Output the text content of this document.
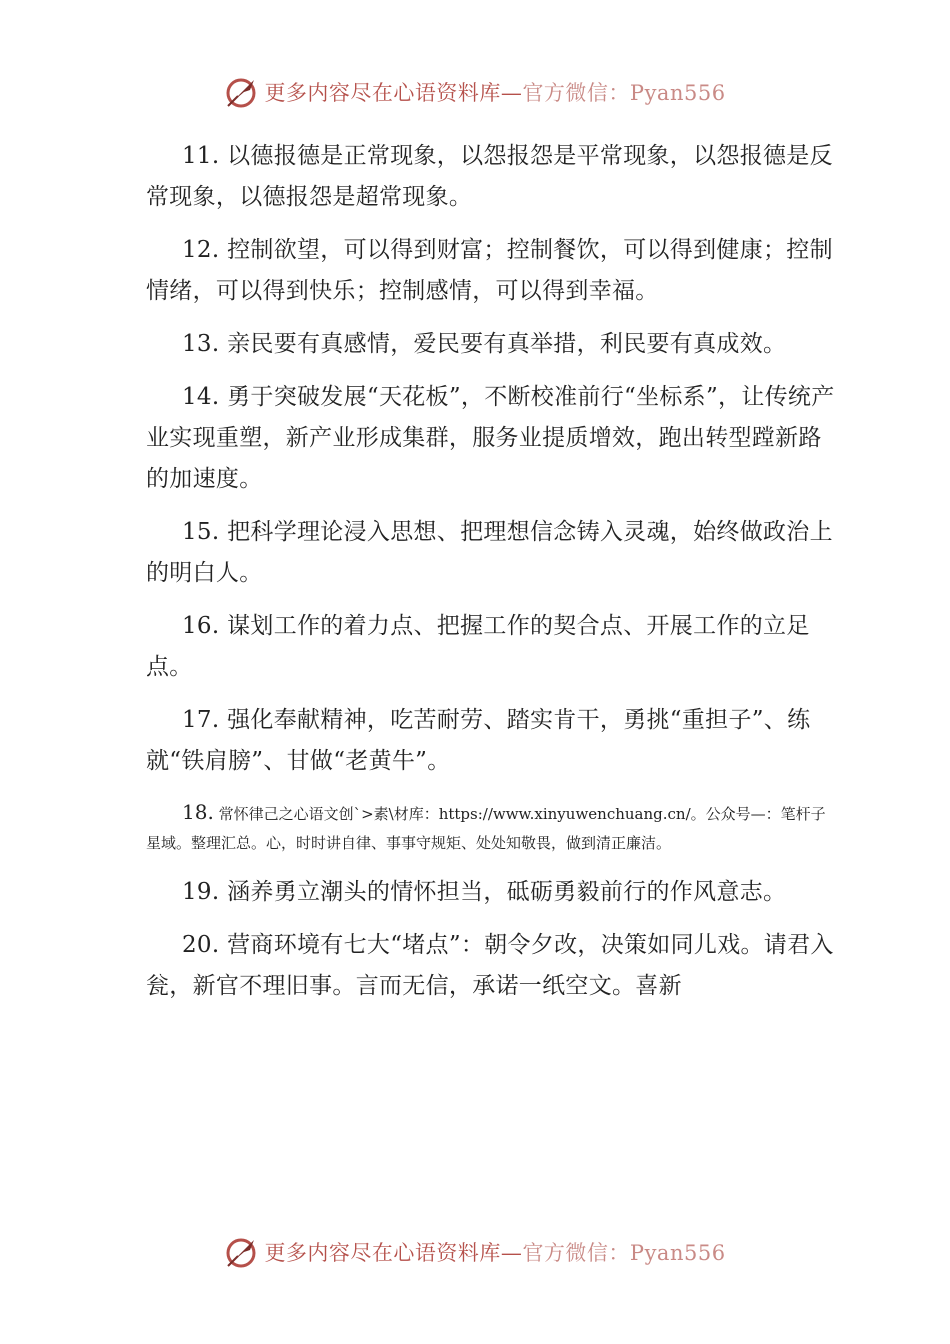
更多内容尽在心语资料库—官方微信：Pyan556

11. 以德报德是正常现象，以怨报怨是平常现象，以怨报德是反常现象，以德报怨是超常现象。

12. 控制欲望，可以得到财富；控制餐饮，可以得到健康；控制情绪，可以得到快乐；控制感情，可以得到幸福。

13. 亲民要有真感情，爱民要有真举措，利民要有真成效。

14. 勇于突破发展“天花板”，不断校准前行“坐标系”，让传统产业实现重塑，新产业形成集群，服务业提质增效，跑出转型蹚新路的加速度。

15. 把科学理论浸入思想、把理想信念铸入灵魂，始终做政治上的明白人。

16. 谋划工作的着力点、把握工作的契合点、开展工作的立足点。

17. 强化奉献精神，吃苦耐劳、踏实肯干，勇挑“重担子”、练就“铁肩膀”、甘做“老黄牛”。

18. 常怀律己之心语文创`>素\材库：https://www.xinyuwenchuang.cn/。公众号—：笔杆子星域。整理汇总。心，时时讲自律、事事守规矩、处处知敬畏，做到清正廉洁。

19. 涵养勇立潮头的情怀担当，砥砺勇毅前行的作风意志。

20. 营商环境有七大“堵点”：朝令夕改，决策如同儿戏。请君入瓮，新官不理旧事。言而无信，承诺一纸空文。喜新

更多内容尽在心语资料库—官方微信：Pyan556
